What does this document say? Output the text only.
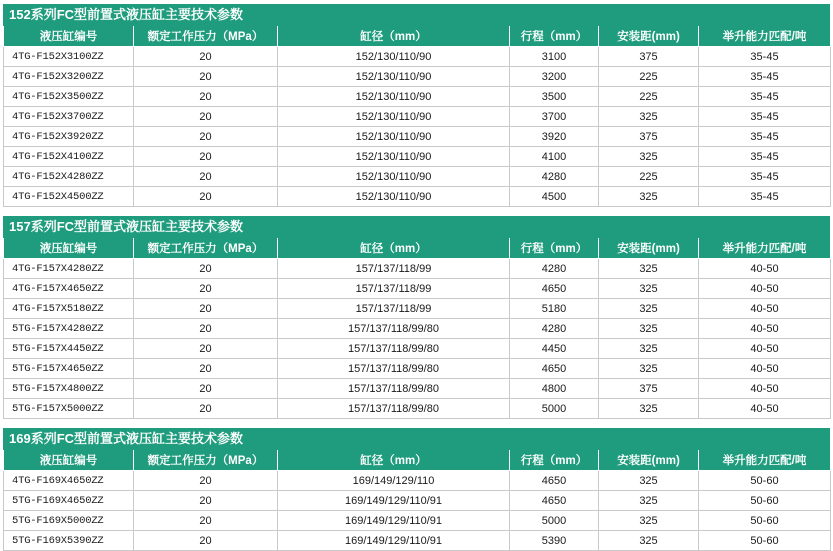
152系列FC型前置式液压缸主要技术参数
液压缸编号	额定工作压力（MPa）	缸径（mm）	行程（mm）	安装距(mm)	举升能力匹配/吨
4TG-F152X3100ZZ	20	152/130/110/90	3100	375	35-45
4TG-F152X3200ZZ	20	152/130/110/90	3200	225	35-45
4TG-F152X3500ZZ	20	152/130/110/90	3500	225	35-45
4TG-F152X3700ZZ	20	152/130/110/90	3700	325	35-45
4TG-F152X3920ZZ	20	152/130/110/90	3920	375	35-45
4TG-F152X4100ZZ	20	152/130/110/90	4100	325	35-45
4TG-F152X4280ZZ	20	152/130/110/90	4280	225	35-45
4TG-F152X4500ZZ	20	152/130/110/90	4500	325	35-45
157系列FC型前置式液压缸主要技术参数
液压缸编号	额定工作压力（MPa）	缸径（mm）	行程（mm）	安装距(mm)	举升能力匹配/吨
4TG-F157X4280ZZ	20	157/137/118/99	4280	325	40-50
4TG-F157X4650ZZ	20	157/137/118/99	4650	325	40-50
4TG-F157X5180ZZ	20	157/137/118/99	5180	325	40-50
5TG-F157X4280ZZ	20	157/137/118/99/80	4280	325	40-50
5TG-F157X4450ZZ	20	157/137/118/99/80	4450	325	40-50
5TG-F157X4650ZZ	20	157/137/118/99/80	4650	325	40-50
5TG-F157X4800ZZ	20	157/137/118/99/80	4800	375	40-50
5TG-F157X5000ZZ	20	157/137/118/99/80	5000	325	40-50
169系列FC型前置式液压缸主要技术参数
液压缸编号	额定工作压力（MPa）	缸径（mm）	行程（mm）	安装距(mm)	举升能力匹配/吨
4TG-F169X4650ZZ	20	169/149/129/110	4650	325	50-60
5TG-F169X4650ZZ	20	169/149/129/110/91	4650	325	50-60
5TG-F169X5000ZZ	20	169/149/129/110/91	5000	325	50-60
5TG-F169X5390ZZ	20	169/149/129/110/91	5390	325	50-60
